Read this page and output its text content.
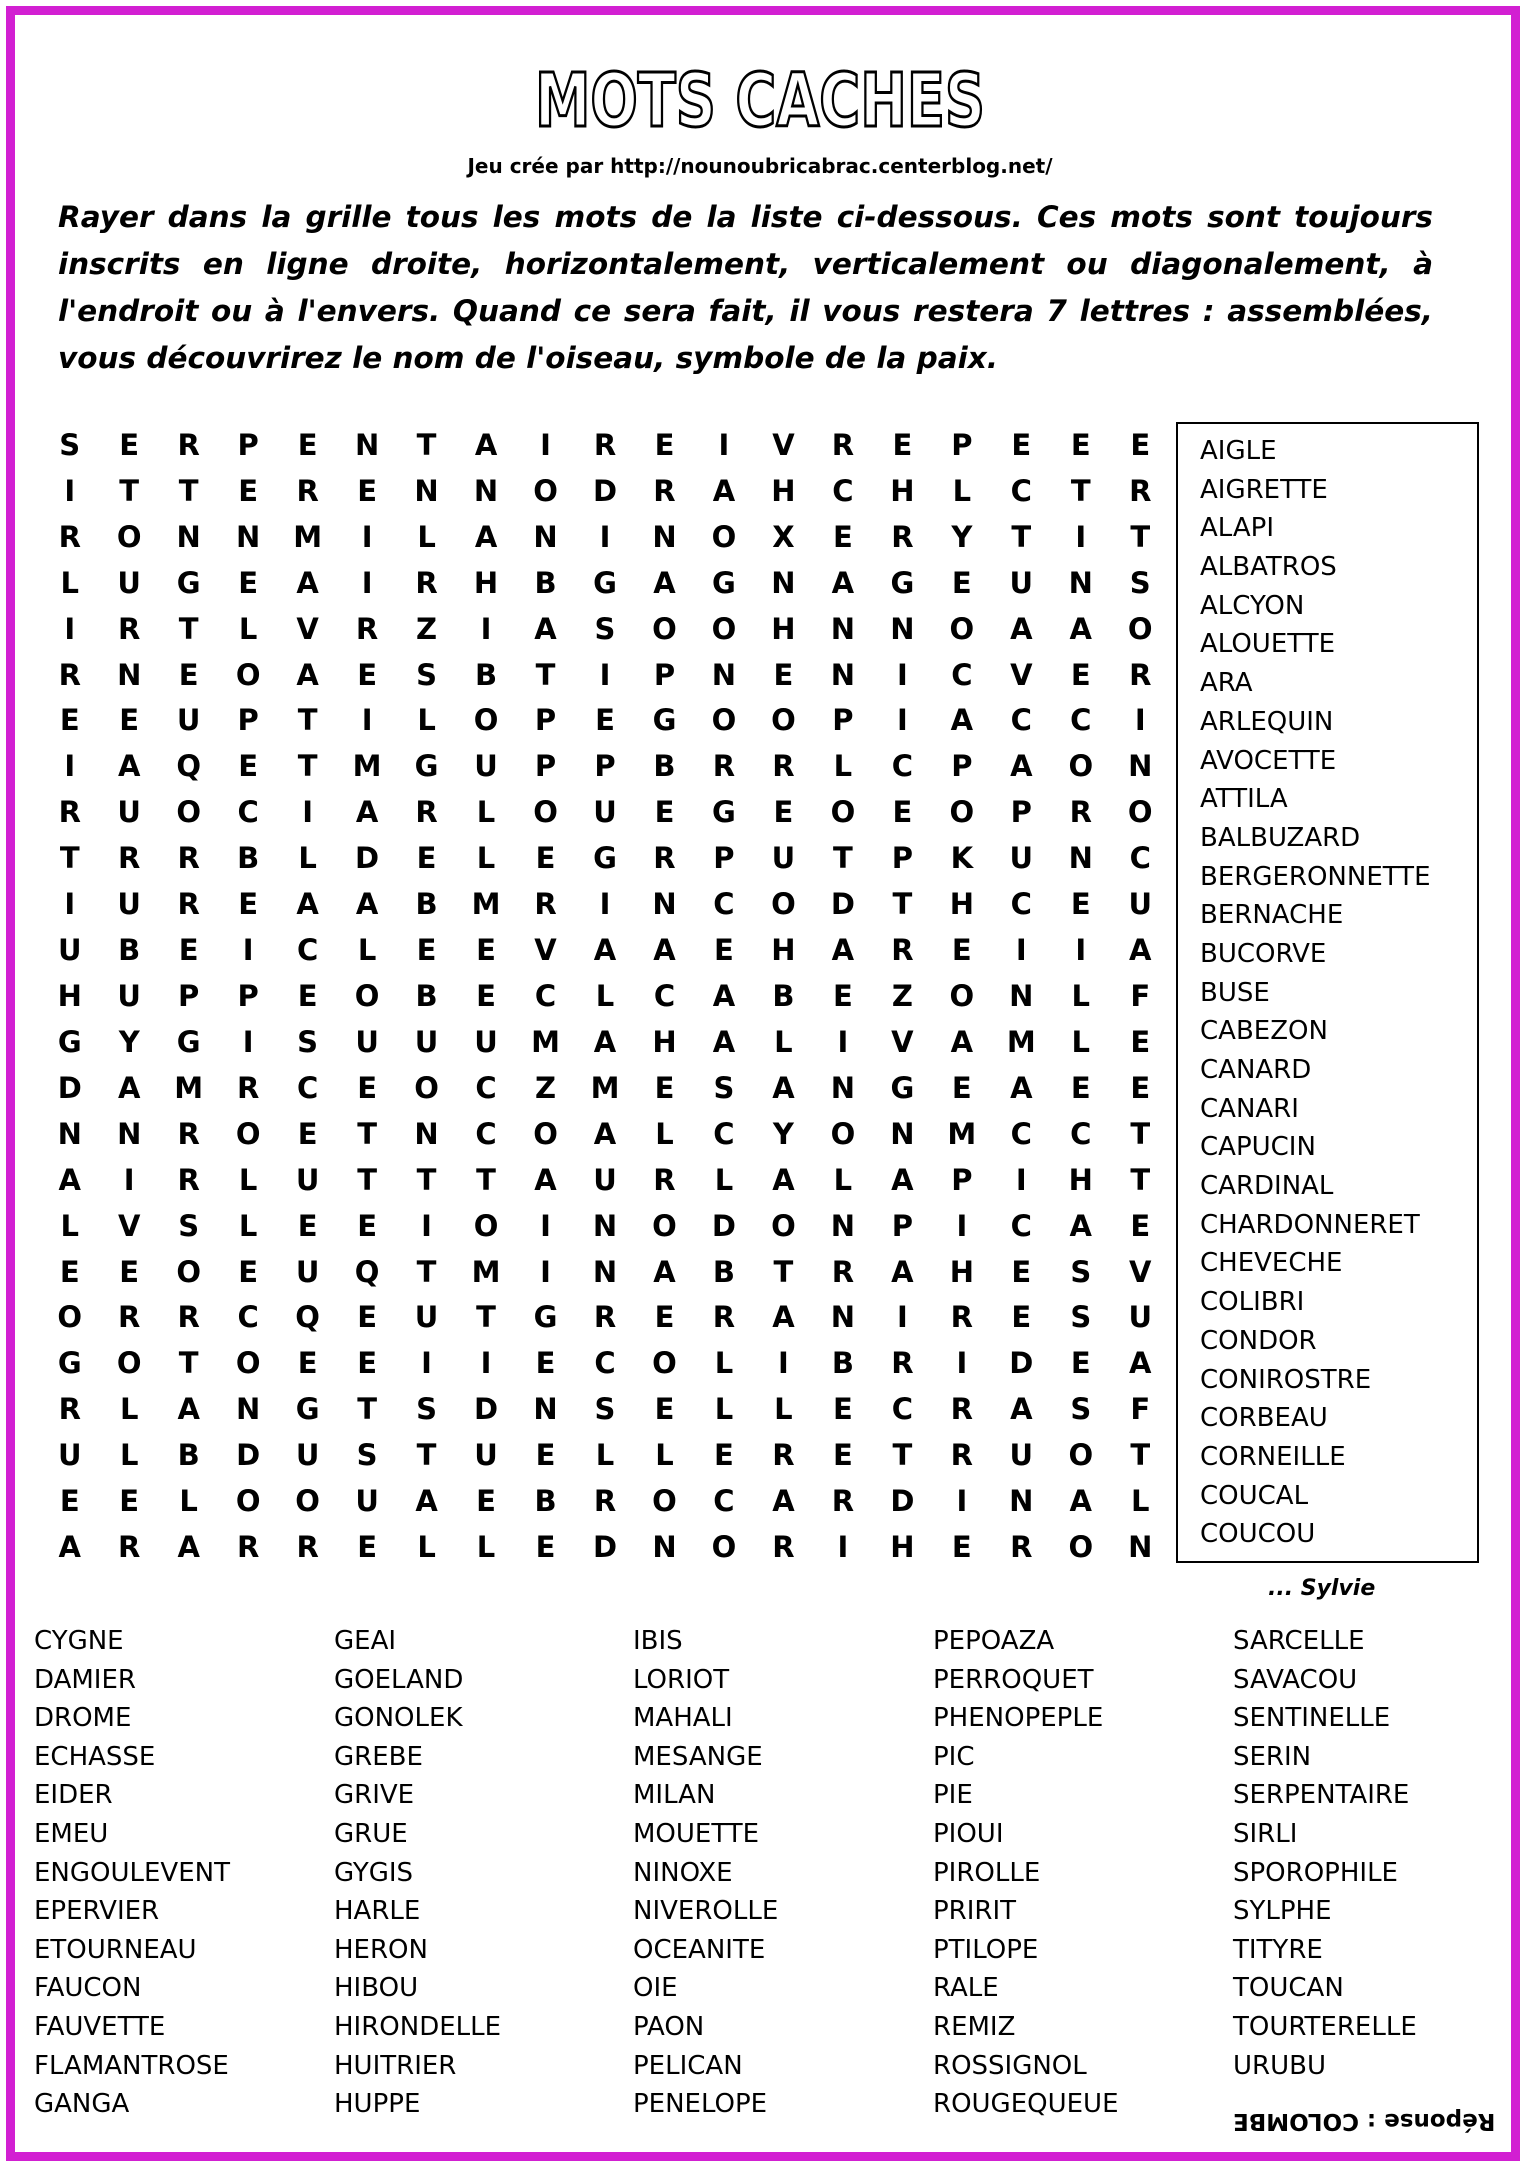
MOTS CACHES
Jeu crée par http://nounoubricabrac.centerblog.net/
Rayer dans la grille tous les mots de la liste ci-dessous. Ces mots sont toujours inscrits en ligne droite, horizontalement, verticalement ou diagonalement, à l'endroit ou à l'envers. Quand ce sera fait, il vous restera 7 lettres : assemblées, vous découvrirez le nom de l'oiseau, symbole de la paix.
S	E	R	P	E	N	T	A	I	R	E	I	V	R	E	P	E	E	E
I	T	T	E	R	E	N	N	O	D	R	A	H	C	H	L	C	T	R
R	O	N	N	M	I	L	A	N	I	N	O	X	E	R	Y	T	I	T
L	U	G	E	A	I	R	H	B	G	A	G	N	A	G	E	U	N	S
I	R	T	L	V	R	Z	I	A	S	O	O	H	N	N	O	A	A	O
R	N	E	O	A	E	S	B	T	I	P	N	E	N	I	C	V	E	R
E	E	U	P	T	I	L	O	P	E	G	O	O	P	I	A	C	C	I
I	A	Q	E	T	M	G	U	P	P	B	R	R	L	C	P	A	O	N
R	U	O	C	I	A	R	L	O	U	E	G	E	O	E	O	P	R	O
T	R	R	B	L	D	E	L	E	G	R	P	U	T	P	K	U	N	C
I	U	R	E	A	A	B	M	R	I	N	C	O	D	T	H	C	E	U
U	B	E	I	C	L	E	E	V	A	A	E	H	A	R	E	I	I	A
H	U	P	P	E	O	B	E	C	L	C	A	B	E	Z	O	N	L	F
G	Y	G	I	S	U	U	U	M	A	H	A	L	I	V	A	M	L	E
D	A	M	R	C	E	O	C	Z	M	E	S	A	N	G	E	A	E	E
N	N	R	O	E	T	N	C	O	A	L	C	Y	O	N	M	C	C	T
A	I	R	L	U	T	T	T	A	U	R	L	A	L	A	P	I	H	T
L	V	S	L	E	E	I	O	I	N	O	D	O	N	P	I	C	A	E
E	E	O	E	U	Q	T	M	I	N	A	B	T	R	A	H	E	S	V
O	R	R	C	Q	E	U	T	G	R	E	R	A	N	I	R	E	S	U
G	O	T	O	E	E	I	I	E	C	O	L	I	B	R	I	D	E	A
R	L	A	N	G	T	S	D	N	S	E	L	L	E	C	R	A	S	F
U	L	B	D	U	S	T	U	E	L	L	E	R	E	T	R	U	O	T
E	E	L	O	O	U	A	E	B	R	O	C	A	R	D	I	N	A	L
A	R	A	R	R	E	L	L	E	D	N	O	R	I	H	E	R	O	N
AIGLE
AIGRETTE
ALAPI
ALBATROS
ALCYON
ALOUETTE
ARA
ARLEQUIN
AVOCETTE
ATTILA
BALBUZARD
BERGERONNETTE
BERNACHE
BUCORVE
BUSE
CABEZON
CANARD
CANARI
CAPUCIN
CARDINAL
CHARDONNERET
CHEVECHE
COLIBRI
CONDOR
CONIROSTRE
CORBEAU
CORNEILLE
COUCAL
COUCOU
... Sylvie
CYGNE
DAMIER
DROME
ECHASSE
EIDER
EMEU
ENGOULEVENT
EPERVIER
ETOURNEAU
FAUCON
FAUVETTE
FLAMANTROSE
GANGA
GEAI
GOELAND
GONOLEK
GREBE
GRIVE
GRUE
GYGIS
HARLE
HERON
HIBOU
HIRONDELLE
HUITRIER
HUPPE
IBIS
LORIOT
MAHALI
MESANGE
MILAN
MOUETTE
NINOXE
NIVEROLLE
OCEANITE
OIE
PAON
PELICAN
PENELOPE
PEPOAZA
PERROQUET
PHENOPEPLE
PIC
PIE
PIOUI
PIROLLE
PRIRIT
PTILOPE
RALE
REMIZ
ROSSIGNOL
ROUGEQUEUE
SARCELLE
SAVACOU
SENTINELLE
SERIN
SERPENTAIRE
SIRLI
SPOROPHILE
SYLPHE
TITYRE
TOUCAN
TOURTERELLE
URUBU
Réponse : COLOMBE
